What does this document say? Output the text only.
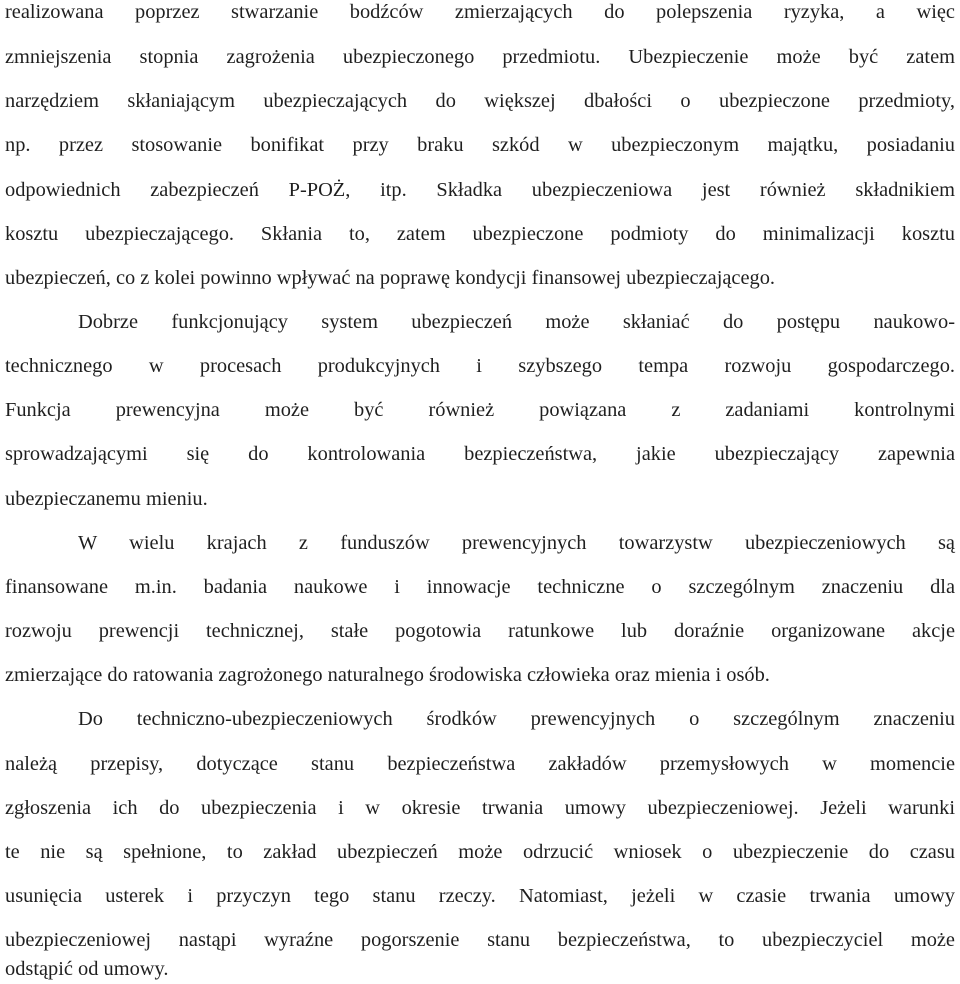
realizowana poprzez stwarzanie bodźców zmierzających do polepszenia ryzyka, a więc
zmniejszenia stopnia zagrożenia ubezpieczonego przedmiotu. Ubezpieczenie może być zatem
narzędziem skłaniającym ubezpieczających do większej dbałości o ubezpieczone przedmioty,
np. przez stosowanie bonifikat przy braku szkód w ubezpieczonym majątku, posiadaniu
odpowiednich zabezpieczeń P-POŻ, itp. Składka ubezpieczeniowa jest również składnikiem
kosztu ubezpieczającego. Skłania to, zatem ubezpieczone podmioty do minimalizacji kosztu
ubezpieczeń, co z kolei powinno wpływać na poprawę kondycji finansowej ubezpieczającego.
Dobrze funkcjonujący system ubezpieczeń może skłaniać do postępu naukowo-
technicznego w procesach produkcyjnych i szybszego tempa rozwoju gospodarczego.
Funkcja prewencyjna może być również powiązana z zadaniami kontrolnymi
sprowadzającymi się do kontrolowania bezpieczeństwa, jakie ubezpieczający zapewnia
ubezpieczanemu mieniu.
W wielu krajach z funduszów prewencyjnych towarzystw ubezpieczeniowych są
finansowane m.in. badania naukowe i innowacje techniczne o szczególnym znaczeniu dla
rozwoju prewencji technicznej, stałe pogotowia ratunkowe lub doraźnie organizowane akcje
zmierzające do ratowania zagrożonego naturalnego środowiska człowieka oraz mienia i osób.
Do techniczno-ubezpieczeniowych środków prewencyjnych o szczególnym znaczeniu
należą przepisy, dotyczące stanu bezpieczeństwa zakładów przemysłowych w momencie
zgłoszenia ich do ubezpieczenia i w okresie trwania umowy ubezpieczeniowej. Jeżeli warunki
te nie są spełnione, to zakład ubezpieczeń może odrzucić wniosek o ubezpieczenie do czasu
usunięcia usterek i przyczyn tego stanu rzeczy. Natomiast, jeżeli w czasie trwania umowy
ubezpieczeniowej nastąpi wyraźne pogorszenie stanu bezpieczeństwa, to ubezpieczyciel może
odstąpić od umowy.
